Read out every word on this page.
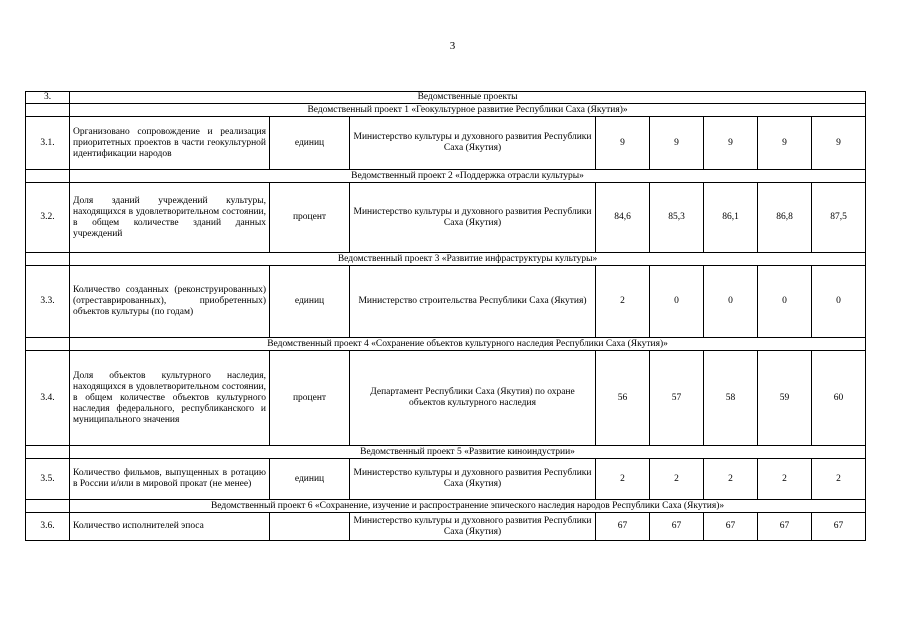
3
3.	Ведомственные проекты							
	Ведомственный проект 1 «Геокультурное развитие Республики Саха (Якутия)»							
3.1.	Организовано сопровождение и реализация приоритетных проектов в части геокультурной идентификации народов	единиц	Министерство культуры и духовного развития Республики Саха (Якутия)	9	9	9	9	9
	Ведомственный проект 2 «Поддержка отрасли культуры»							
3.2.	Доля зданий учреждений культуры, находящихся в удовлетворительном состоянии, в общем количестве зданий данных учреждений	процент	Министерство культуры и духовного развития Республики Саха (Якутия)	84,6	85,3	86,1	86,8	87,5
	Ведомственный проект 3 «Развитие инфраструктуры культуры»							
3.3.	Количество созданных (реконструированных) (отреставрированных), приобретенных) объектов культуры (по годам)	единиц	Министерство строительства Республики Саха (Якутия)	2	0	0	0	0
	Ведомственный проект 4 «Сохранение объектов культурного наследия Республики Саха (Якутия)»							
3.4.	Доля объектов культурного наследия, находящихся в удовлетворительном состоянии, в общем количестве объектов культурного наследия федерального, республиканского и муниципального значения	процент	Департамент Республики Саха (Якутия) по охране объектов культурного наследия	56	57	58	59	60
	Ведомственный проект 5 «Развитие киноиндустрии»							
3.5.	Количество фильмов, выпущенных в ротацию в России и/или в мировой прокат (не менее)	единиц	Министерство культуры и духовного развития Республики Саха (Якутия)	2	2	2	2	2
	Ведомственный проект 6 «Сохранение, изучение и распространение эпического наследия народов Республики Саха (Якутия)»							
3.6.	Количество исполнителей эпоса		Министерство культуры и духовного развития Республики Саха (Якутия)	67	67	67	67	67
